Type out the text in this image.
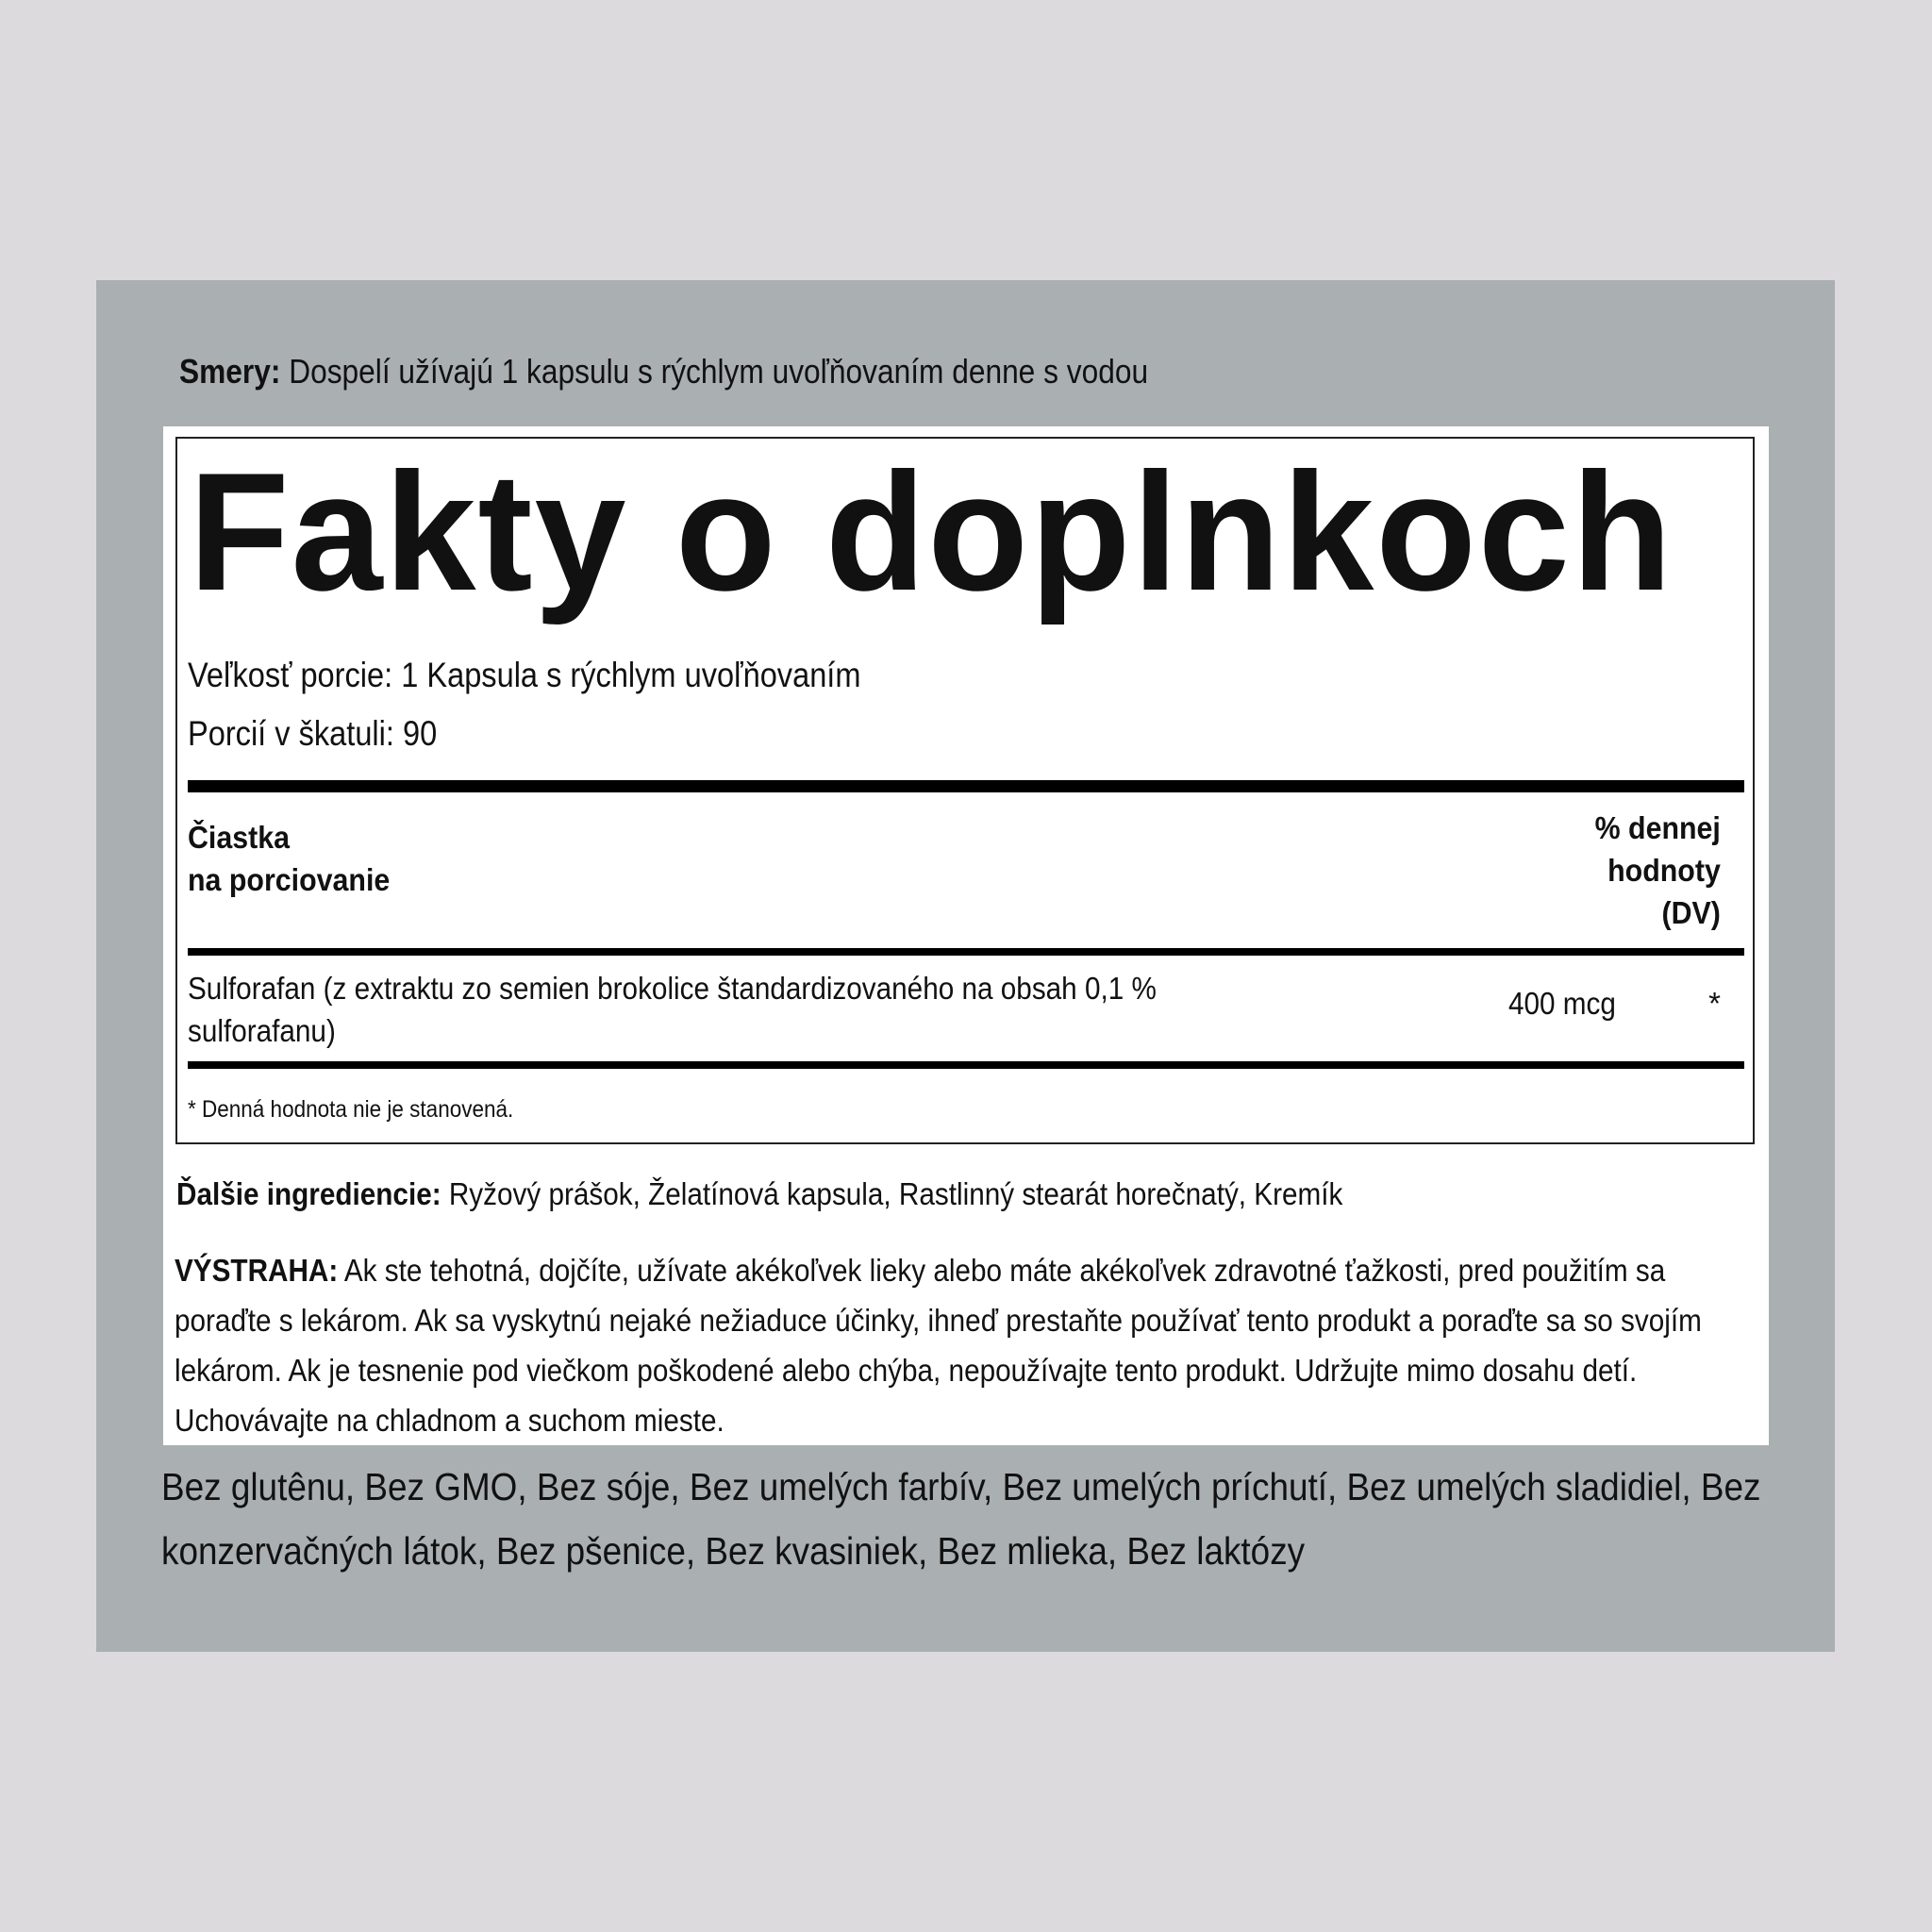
Smery: Dospelí užívajú 1 kapsulu s rýchlym uvoľňovaním denne s vodou
Fakty o doplnkoch
Veľkosť porcie: 1 Kapsula s rýchlym uvoľňovaním
Porcií v škatuli: 90
Čiastka
na porciovanie
% dennej
hodnoty
(DV)
Sulforafan (z extraktu zo semien brokolice štandardizovaného na obsah 0,1 % sulforafanu)
400 mcg	*
* Denná hodnota nie je stanovená.
Ďalšie ingrediencie: Ryžový prášok, Želatínová kapsula, Rastlinný stearát horečnatý, Kremík
VÝSTRAHA: Ak ste tehotná, dojčíte, užívate akékoľvek lieky alebo máte akékoľvek zdravotné ťažkosti, pred použitím sa poraďte s lekárom. Ak sa vyskytnú nejaké nežiaduce účinky, ihneď prestaňte používať tento produkt a poraďte sa so svojím lekárom. Ak je tesnenie pod viečkom poškodené alebo chýba, nepoužívajte tento produkt. Udržujte mimo dosahu detí. Uchovávajte na chladnom a suchom mieste.
Bez glutênu, Bez GMO, Bez sóje, Bez umelých farbív, Bez umelých príchutí, Bez umelých sladidiel, Bez konzervačných látok, Bez pšenice, Bez kvasiniek, Bez mlieka, Bez laktózy
